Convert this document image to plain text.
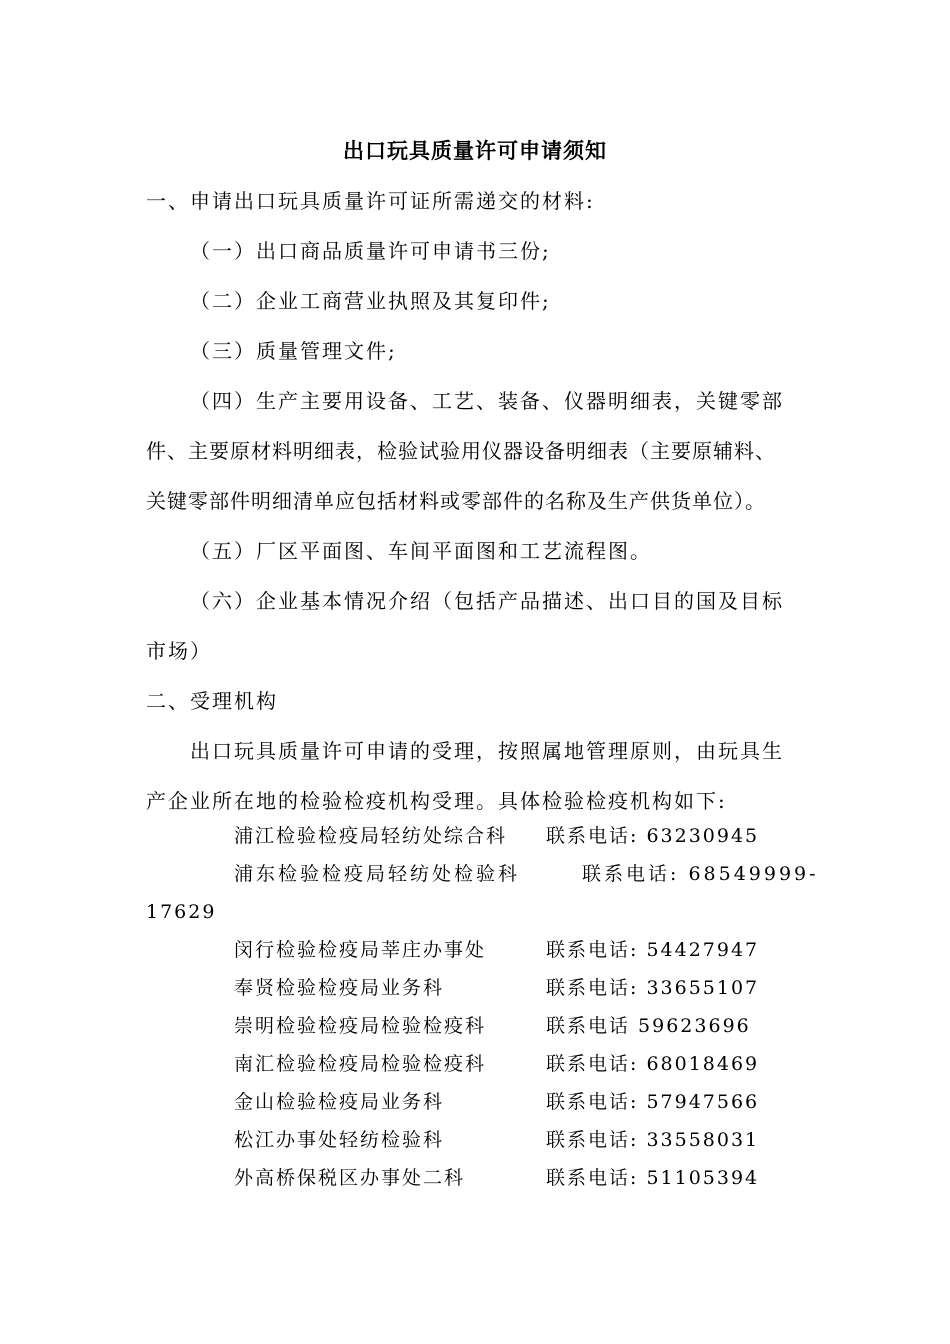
出口玩具质量许可申请须知
一、申请出口玩具质量许可证所需递交的材料:
（一）出口商品质量许可申请书三份;
（二）企业工商营业执照及其复印件;
（三）质量管理文件;
（四）生产主要用设备、工艺、装备、仪器明细表，关键零部
件、主要原材料明细表，检验试验用仪器设备明细表（主要原辅料、
关键零部件明细清单应包括材料或零部件的名称及生产供货单位）。
（五）厂区平面图、车间平面图和工艺流程图。
（六）企业基本情况介绍（包括产品描述、出口目的国及目标
市场）
二、受理机构
出口玩具质量许可申请的受理，按照属地管理原则，由玩具生
产企业所在地的检验检疫机构受理。具体检验检疫机构如下:
浦江检验检疫局轻纺处综合科 联系电话: 63230945
浦东检验检疫局轻纺处检验科	联系电话: 68549999-
17629
闵行检验检疫局莘庄办事处	联系电话: 54427947
奉贤检验检疫局业务科	联系电话: 33655107
崇明检验检疫局检验检疫科	联系电话 59623696
南汇检验检疫局检验检疫科	联系电话: 68018469
金山检验检疫局业务科	联系电话: 57947566
松江办事处轻纺检验科	联系电话: 33558031
外高桥保税区办事处二科	联系电话: 51105394
